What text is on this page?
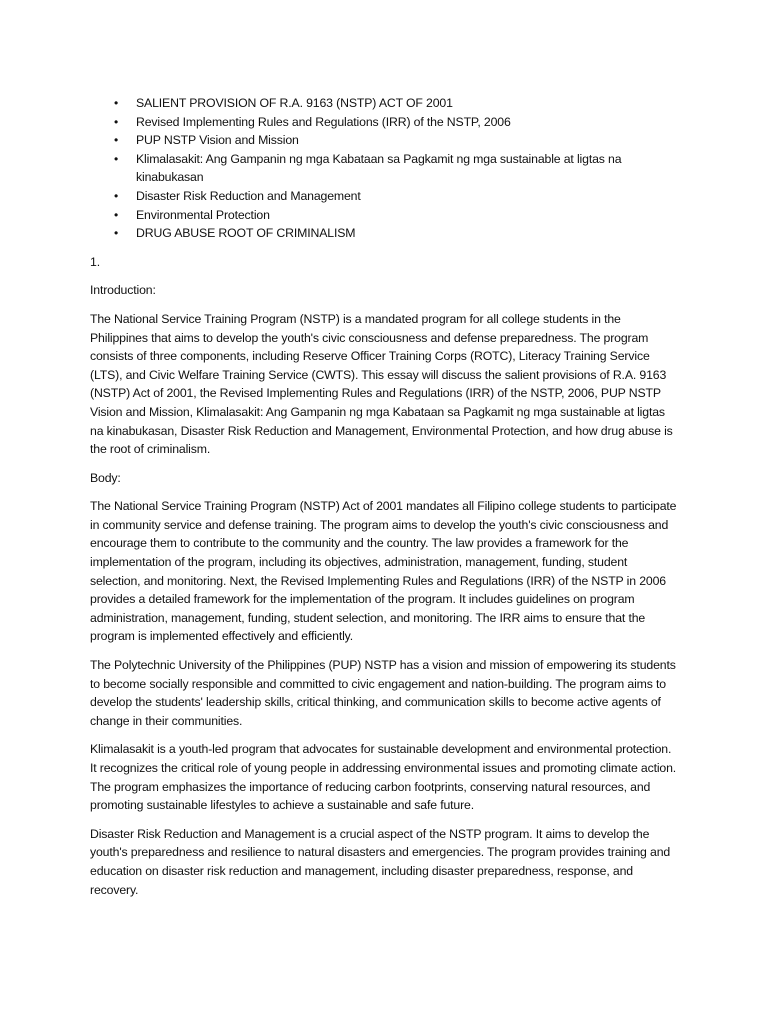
• SALIENT PROVISION OF R.A. 9163 (NSTP) ACT OF 2001
• Revised Implementing Rules and Regulations (IRR) of the NSTP, 2006
• PUP NSTP Vision and Mission
• Klimalasakit: Ang Gampanin ng mga Kabataan sa Pagkamit ng mga sustainable at ligtas na kinabukasan
• Disaster Risk Reduction and Management
• Environmental Protection
• DRUG ABUSE ROOT OF CRIMINALISM

1.

Introduction:

The National Service Training Program (NSTP) is a mandated program for all college students in the Philippines that aims to develop the youth's civic consciousness and defense preparedness. The program consists of three components, including Reserve Officer Training Corps (ROTC), Literacy Training Service (LTS), and Civic Welfare Training Service (CWTS). This essay will discuss the salient provisions of R.A. 9163 (NSTP) Act of 2001, the Revised Implementing Rules and Regulations (IRR) of the NSTP, 2006, PUP NSTP Vision and Mission, Klimalasakit: Ang Gampanin ng mga Kabataan sa Pagkamit ng mga sustainable at ligtas na kinabukasan, Disaster Risk Reduction and Management, Environmental Protection, and how drug abuse is the root of criminalism.

Body:

The National Service Training Program (NSTP) Act of 2001 mandates all Filipino college students to participate in community service and defense training. The program aims to develop the youth's civic consciousness and encourage them to contribute to the community and the country. The law provides a framework for the implementation of the program, including its objectives, administration, management, funding, student selection, and monitoring. Next, the Revised Implementing Rules and Regulations (IRR) of the NSTP in 2006 provides a detailed framework for the implementation of the program. It includes guidelines on program administration, management, funding, student selection, and monitoring. The IRR aims to ensure that the program is implemented effectively and efficiently.

The Polytechnic University of the Philippines (PUP) NSTP has a vision and mission of empowering its students to become socially responsible and committed to civic engagement and nation-building. The program aims to develop the students' leadership skills, critical thinking, and communication skills to become active agents of change in their communities.

Klimalasakit is a youth-led program that advocates for sustainable development and environmental protection. It recognizes the critical role of young people in addressing environmental issues and promoting climate action. The program emphasizes the importance of reducing carbon footprints, conserving natural resources, and promoting sustainable lifestyles to achieve a sustainable and safe future.

Disaster Risk Reduction and Management is a crucial aspect of the NSTP program. It aims to develop the youth's preparedness and resilience to natural disasters and emergencies. The program provides training and education on disaster risk reduction and management, including disaster preparedness, response, and recovery.
